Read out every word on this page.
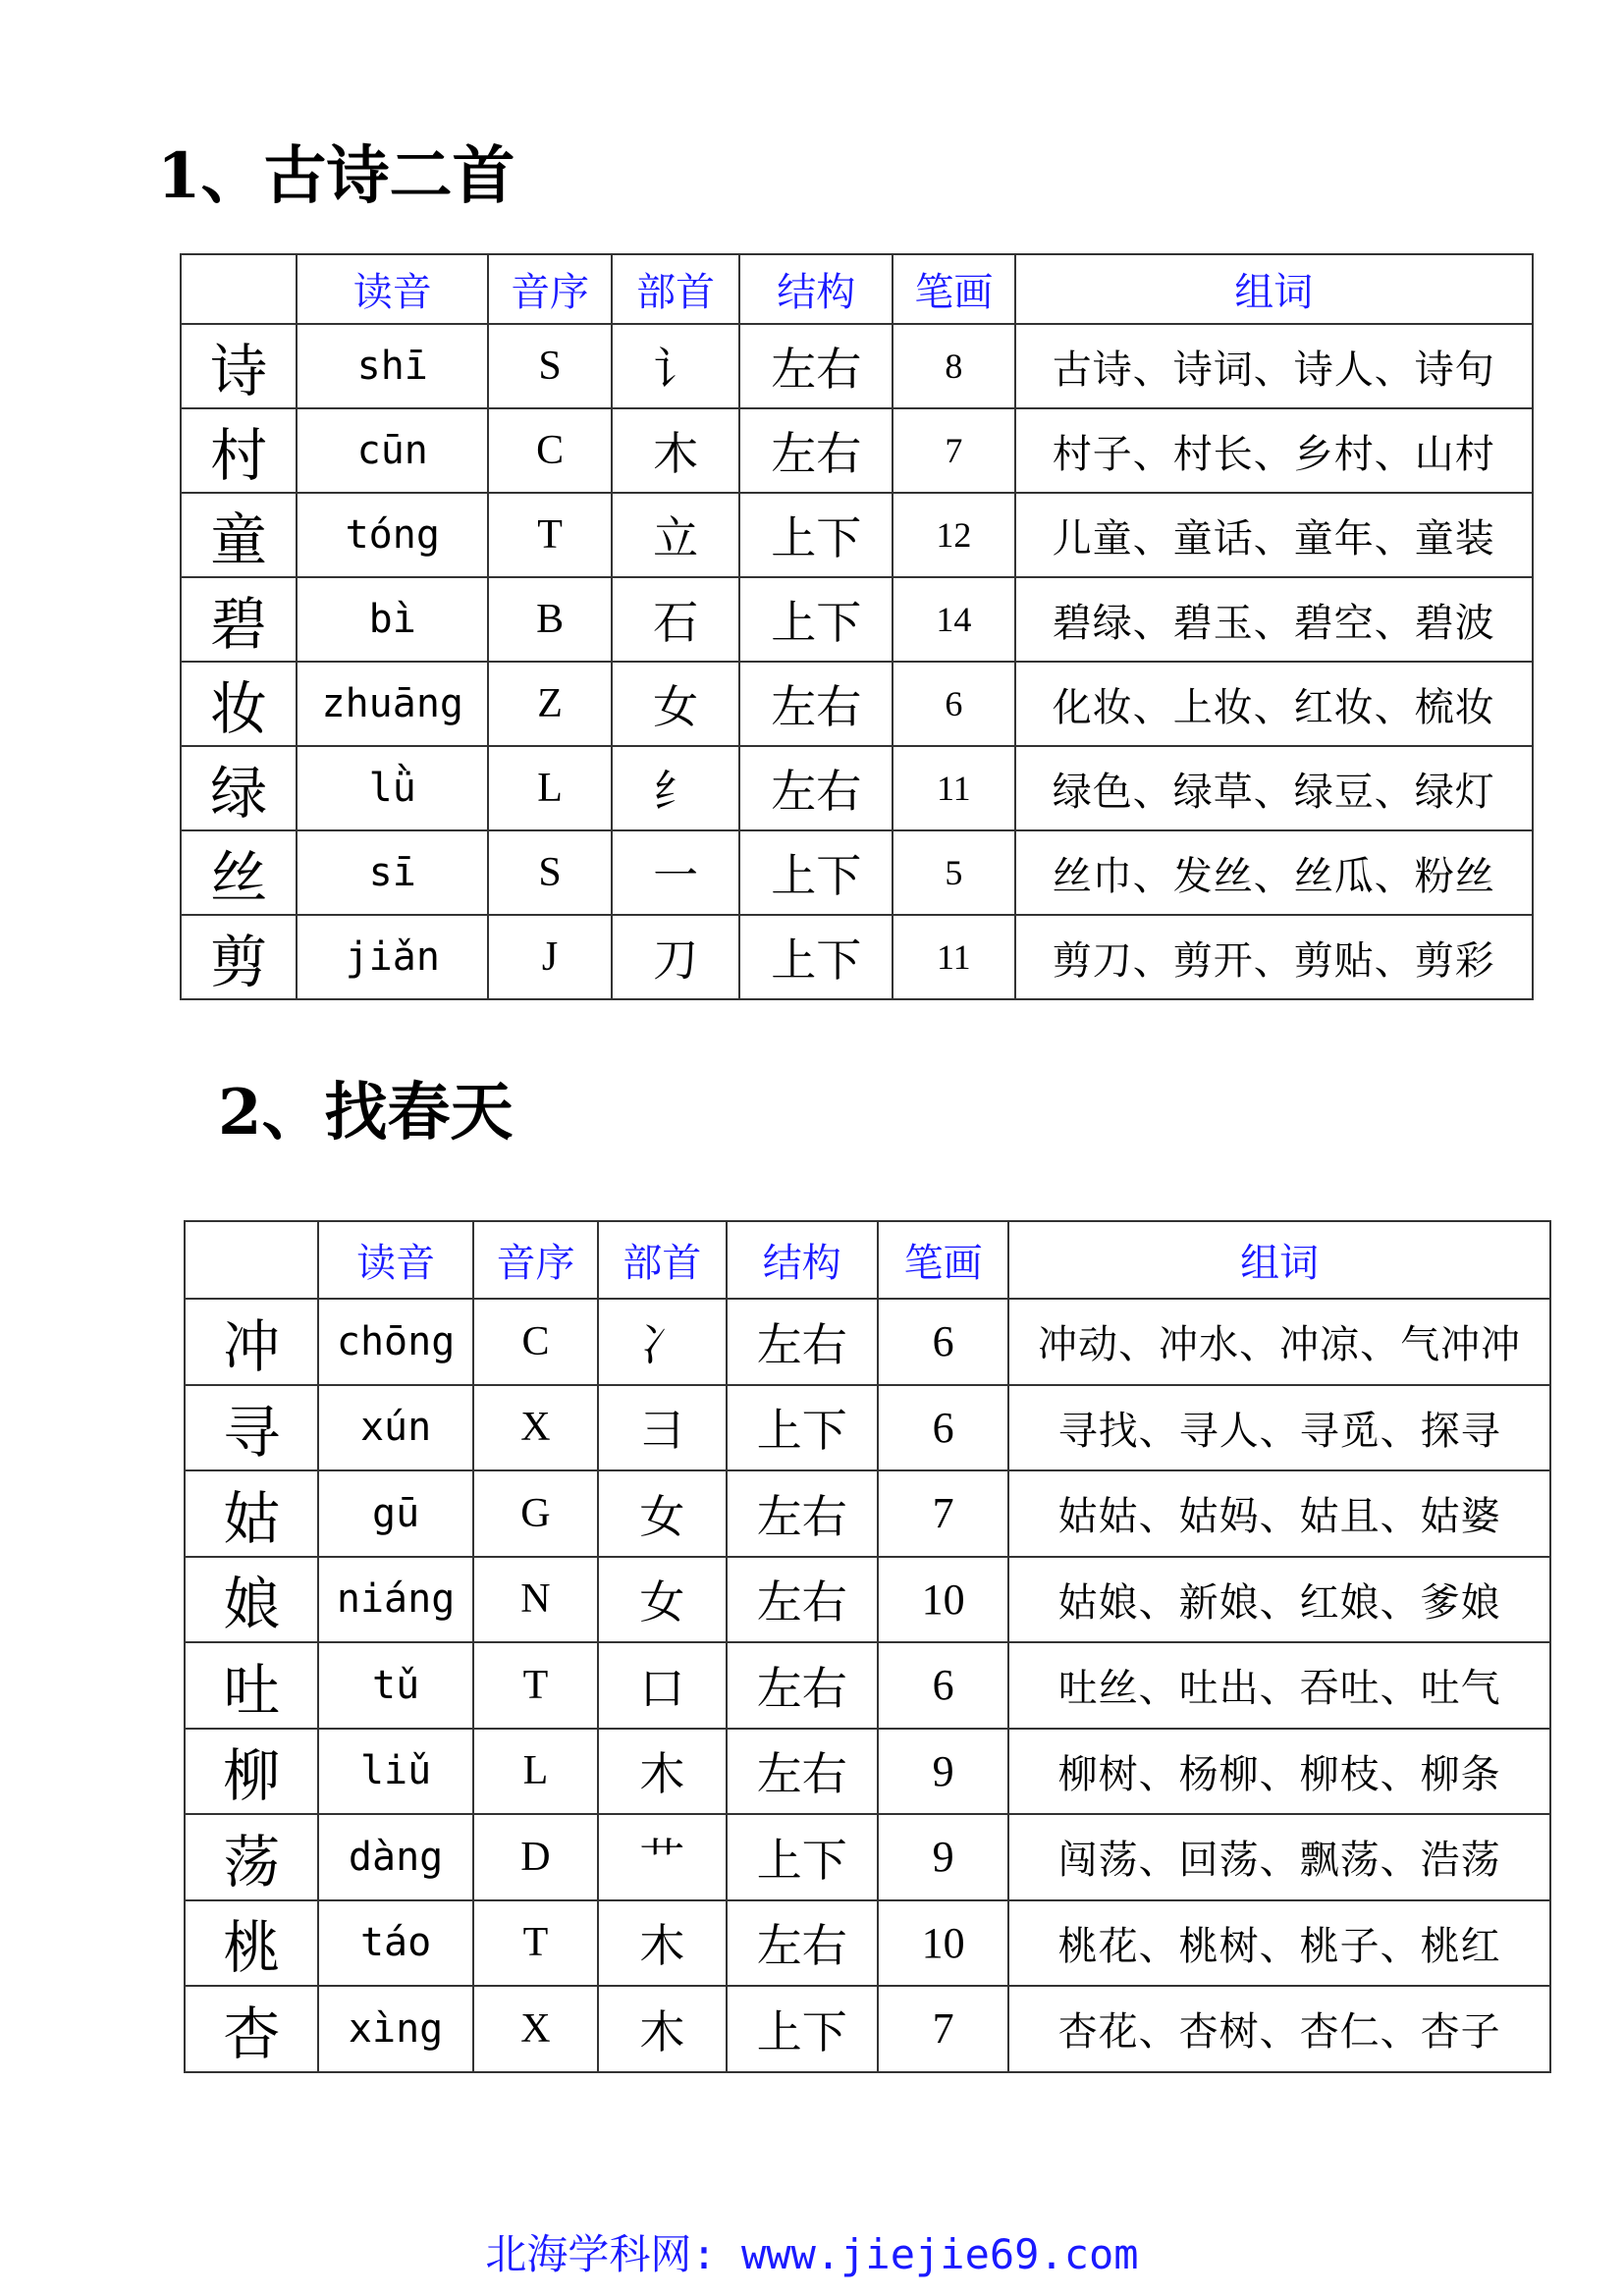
1、古诗二首
	读音	音序	部首	结构	笔画	组词
诗	shī	S	讠	左右	8	古诗、诗词、诗人、诗句
村	cūn	C	木	左右	7	村子、村长、乡村、山村
童	tóng	T	立	上下	12	儿童、童话、童年、童装
碧	bì	B	石	上下	14	碧绿、碧玉、碧空、碧波
妆	zhuāng	Z	女	左右	6	化妆、上妆、红妆、梳妆
绿	lǜ	L	纟	左右	11	绿色、绿草、绿豆、绿灯
丝	sī	S	一	上下	5	丝巾、发丝、丝瓜、粉丝
剪	jiǎn	J	刀	上下	11	剪刀、剪开、剪贴、剪彩
2、找春天
	读音	音序	部首	结构	笔画	组词
冲	chōng	C	冫	左右	6	冲动、冲水、冲凉、气冲冲
寻	xún	X	彐	上下	6	寻找、寻人、寻觅、探寻
姑	gū	G	女	左右	7	姑姑、姑妈、姑且、姑婆
娘	niáng	N	女	左右	10	姑娘、新娘、红娘、爹娘
吐	tǔ	T	口	左右	6	吐丝、吐出、吞吐、吐气
柳	liǔ	L	木	左右	9	柳树、杨柳、柳枝、柳条
荡	dàng	D	艹	上下	9	闯荡、回荡、飘荡、浩荡
桃	táo	T	木	左右	10	桃花、桃树、桃子、桃红
杏	xìng	X	木	上下	7	杏花、杏树、杏仁、杏子
北海学科网: www.jiejie69.com
